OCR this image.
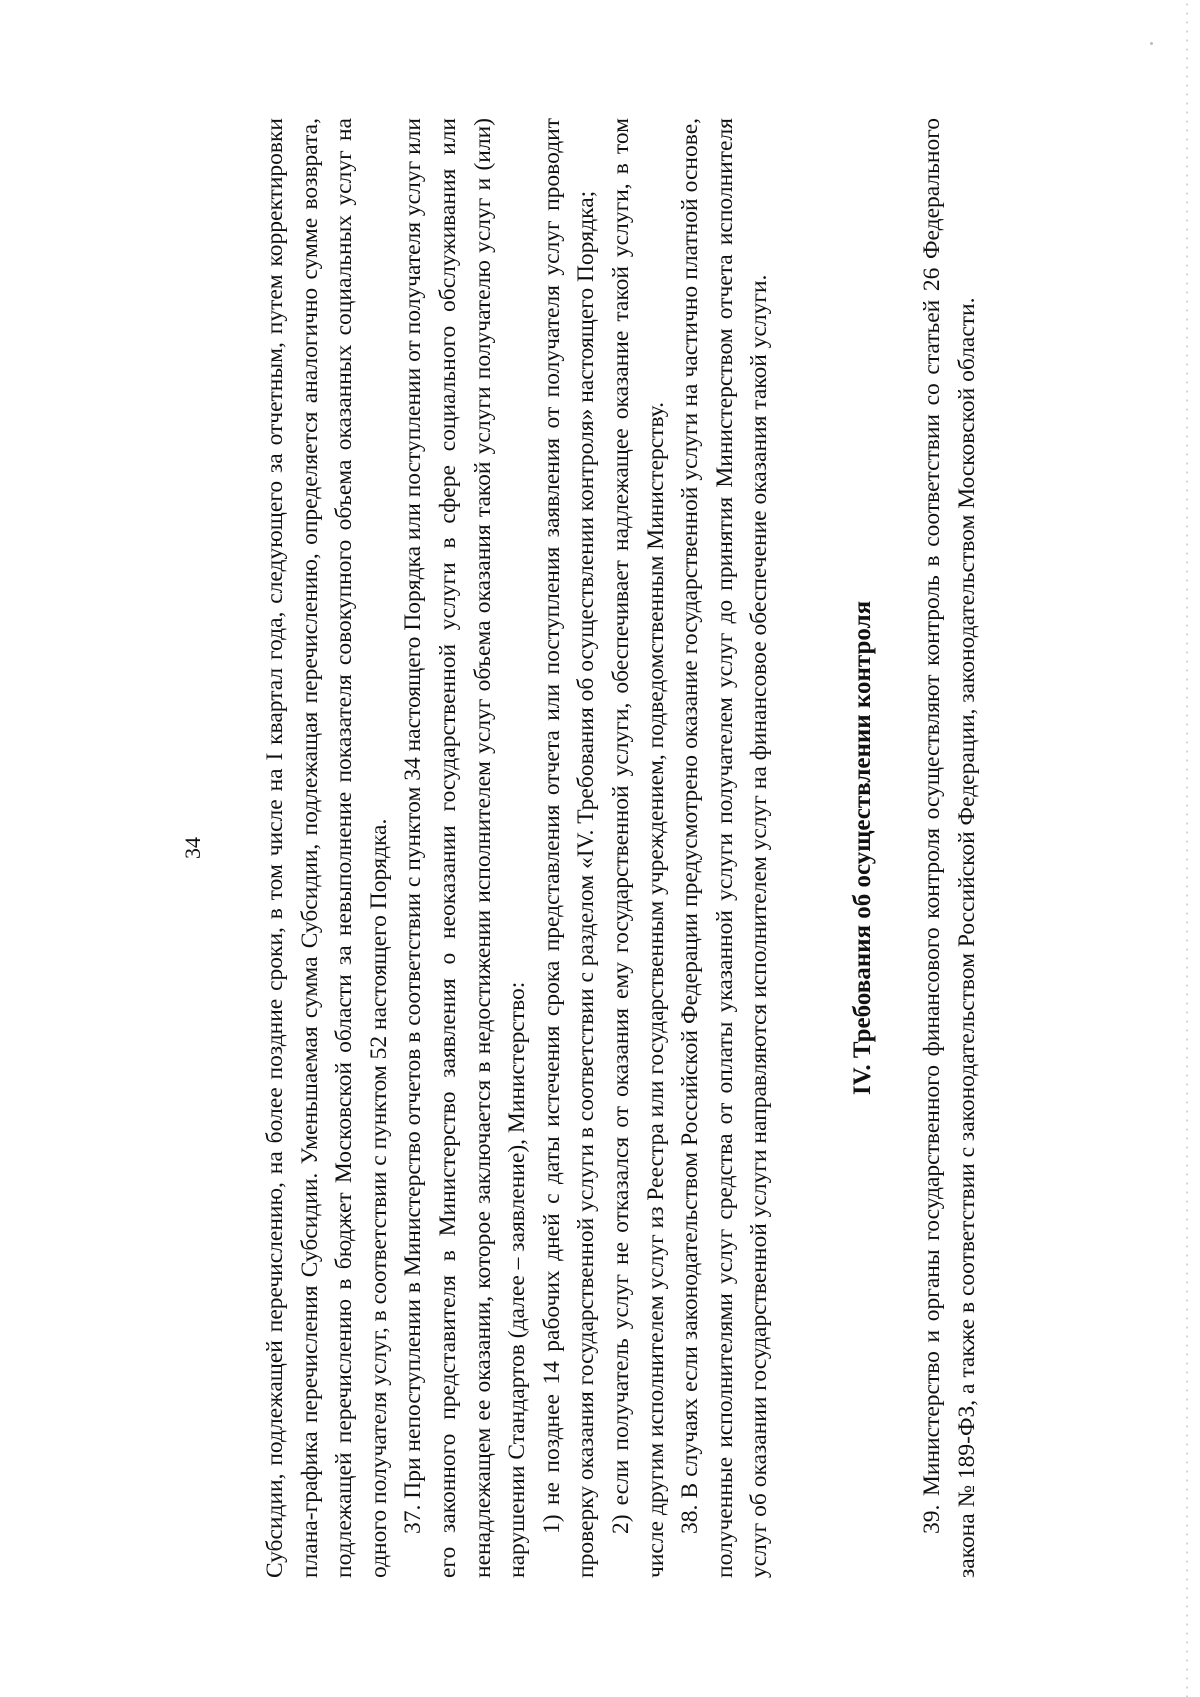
34 Субсидии, подлежащей перечислению, на более поздние сроки, в том числе на I квартал года, следующего за отчетным, путем корректировки плана-графика перечисления Субсидии. Уменьшаемая сумма Субсидии, подлежащая перечислению, определяется аналогично сумме возврата, подлежащей перечислению в бюджет Московской области за невыполнение показателя совокупного объема оказанных социальных услуг на одного получателя услуг, в соответствии с пунктом 52 настоящего Порядка. 37. При непоступлении в Министерство отчетов в соответствии с пунктом 34 настоящего Порядка или поступлении от получателя услуг или его законного представителя в Министерство заявления о неоказании государственной услуги в сфере социального обслуживания или ненадлежащем ее оказании, которое заключается в недостижении исполнителем услуг объема оказания такой услуги получателю услуг и (или) нарушении Стандартов (далее – заявление), Министерство: 1) не позднее 14 рабочих дней с даты истечения срока представления отчета или поступления заявления от получателя услуг проводит проверку оказания государственной услуги в соответствии с разделом «IV. Требования об осуществлении контроля» настоящего Порядка; 2) если получатель услуг не отказался от оказания ему государственной услуги, обеспечивает надлежащее оказание такой услуги, в том числе другим исполнителем услуг из Реестра или государственным учреждением, подведомственным Министерству. 38. В случаях если законодательством Российской Федерации предусмотрено оказание государственной услуги на частично платной основе, полученные исполнителями услуг средства от оплаты указанной услуги получателем услуг до принятия Министерством отчета исполнителя услуг об оказании государственной услуги направляются исполнителем услуг на финансовое обеспечение оказания такой услуги.	IV. Требования об осуществлении контроля 39. Министерство и органы государственного финансового контроля осуществляют контроль в соответствии со статьей 26 Федерального закона № 189-ФЗ, а также в соответствии с законодательством Российской Федерации, законодательством Московской области.
